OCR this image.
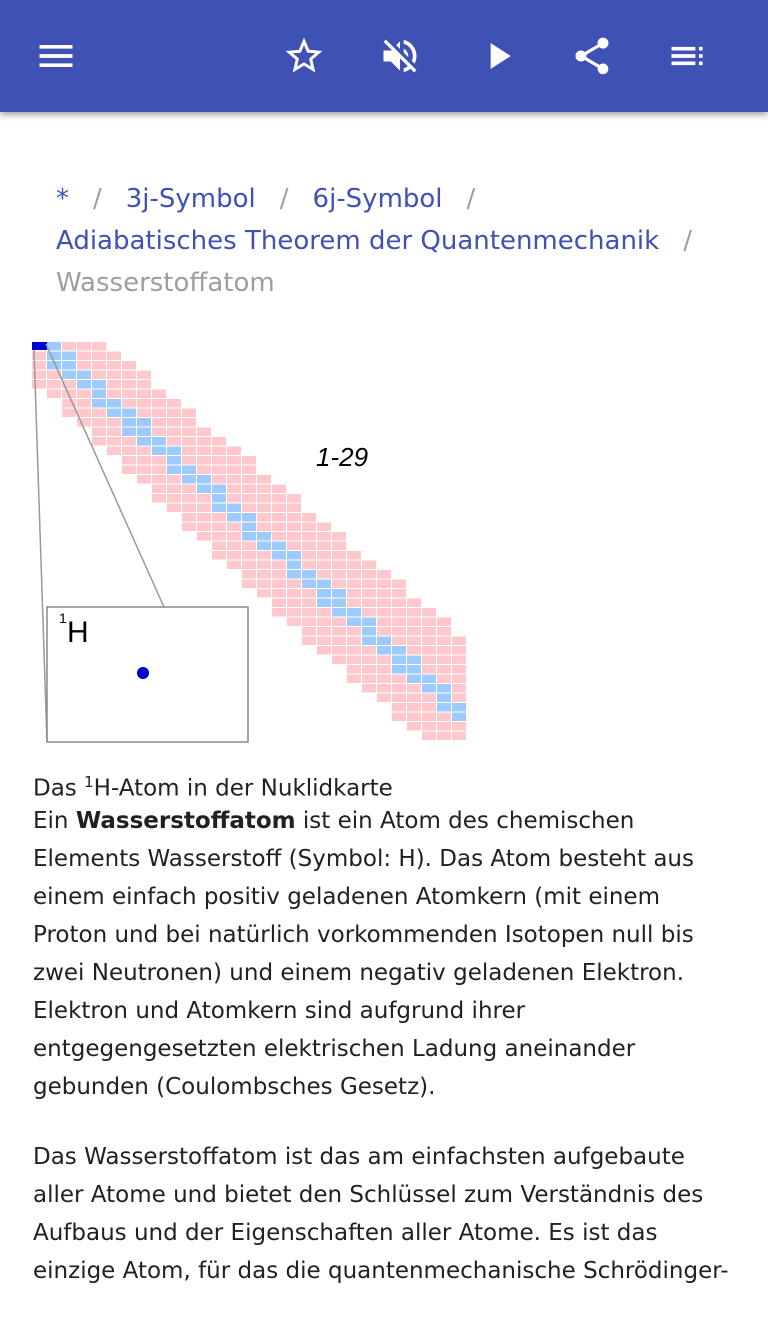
* / 3j-Symbol / 6j-Symbol /
Adiabatisches Theorem der Quantenmechanik /
Wasserstoffatom
1 H
1-29
Das $^1$H-Atom in der Nuklidkarte

Ein Wasserstoffatom ist ein Atom des chemischen Elements Wasserstoff (Symbol: H). Das Atom besteht aus einem einfach positiv geladenen Atomkern (mit einem Proton und bei natürlich vorkommenden Isotopen null bis zwei Neutronen) und einem negativ geladenen Elektron. Elektron und Atomkern sind aufgrund ihrer entgegengesetzten elektrischen Ladung aneinander gebunden (Coulombsches Gesetz).

Das Wasserstoffatom ist das am einfachsten aufgebaute aller Atome und bietet den Schlüssel zum Verständnis des Aufbaus und der Eigenschaften aller Atome. Es ist das einzige Atom, für das die quantenmechanische Schrödinger-
